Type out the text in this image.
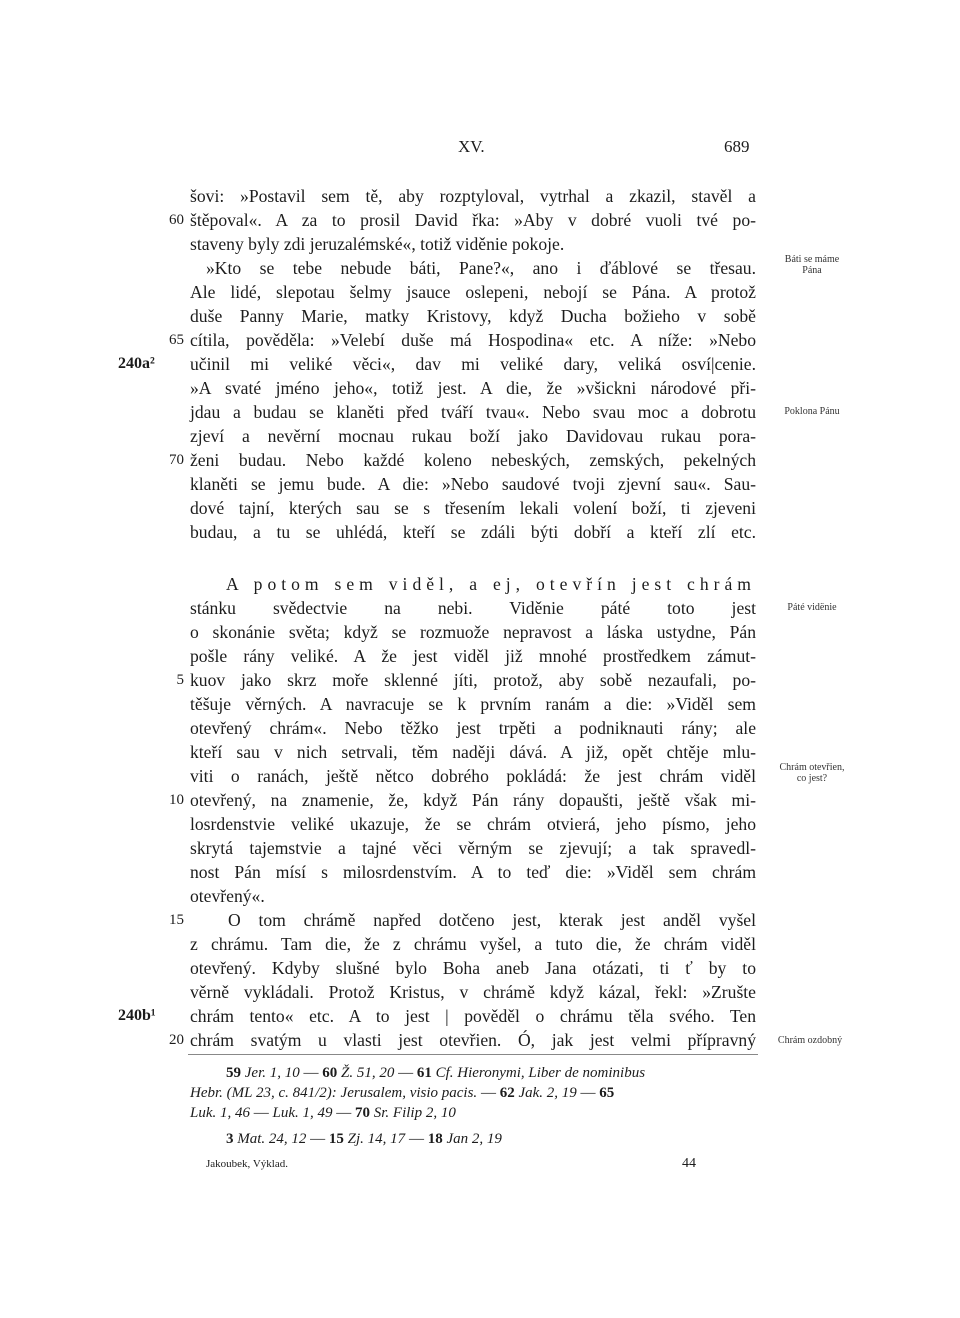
XV.	689
šovi: »Postavil sem tě, aby rozptyloval, vytrhal a zkazil, stavěl a
štěpoval«. A za to prosil David řka: »Aby v dobré vuoli tvé po-
staveny byly zdi jeruzalémské«, totiž viděnie pokoje.
»Kto se tebe nebude báti, Pane?«, ano i ďáblové se třesau.
Ale lidé, slepotau šelmy jsauce oslepeni, nebojí se Pána. A protož
duše Panny Marie, matky Kristovy, když Ducha božieho v sobě
cítila, pověděla: »Velebí duše má Hospodina« etc. A níže: »Nebo
učinil mi veliké věci«, dav mi veliké dary, veliká osví|cenie.
»A svaté jméno jeho«, totiž jest. A die, že »všickni národové při-
jdau a budau se klaněti před tváří tvau«. Nebo svau moc a dobrotu
zjeví a nevěrní mocnau rukau boží jako Davidovau rukau pora-
ženi budau. Nebo každé koleno nebeských, zemských, pekelných
klaněti se jemu bude. A die: »Nebo saudové tvoji zjevní sau«. Sau-
dové tajní, kterých sau se s třesením lekali volení boží, ti zjeveni
budau, a tu se uhlédá, kteří se zdáli býti dobří a kteří zlí etc.
60
65
70
240a²
A potom sem viděl, a ej, otevřín jest chrám
stánku svědectvie na nebi. Viděnie páté toto jest
o skonánie světa; když se rozmuože nepravost a láska ustydne, Pán
pošle rány veliké. A že jest viděl již mnohé prostředkem zámut-
kuov jako skrz moře sklenné jíti, protož, aby sobě nezaufali, po-
těšuje věrných. A navracuje se k prvním ranám a die: »Viděl sem
otevřený chrám«. Nebo těžko jest trpěti a podniknauti rány; ale
kteří sau v nich setrvali, těm naději dává. A již, opět chtěje mlu-
viti o ranách, ještě nětco dobrého pokládá: že jest chrám viděl
otevřený, na znamenie, že, když Pán rány dopaušti, ještě však mi-
losrdenstvie veliké ukazuje, že se chrám otvierá, jeho písmo, jeho
skrytá tajemstvie a tajné věci věrným se zjevují; a tak spravedl-
nost Pán mísí s milosrdenstvím. A to teď die: »Viděl sem chrám
otevřený«.
O tom chrámě napřed dotčeno jest, kterak jest anděl vyšel
z chrámu. Tam die, že z chrámu vyšel, a tuto die, že chrám viděl
otevřený. Kdyby slušné bylo Boha aneb Jana otázati, ti ť by to
věrně vykládali. Protož Kristus, v chrámě když kázal, řekl: »Zrušte
chrám tento« etc. A to jest | pověděl o chrámu těla svého. Ten
chrám svatým u vlasti jest otevřien. Ó, jak jest velmi přípravný
5
10
15
20
240b¹
Báti se máme
Pána
Poklona Pánu
Páté vidënie
Chrám otevřien,
co jest?
Chrám ozdobný
59 Jer. 1, 10 — 60 Ž. 51, 20 — 61 Cf. Hieronymi, Liber de nominibus
Hebr. (ML 23, c. 841/2): Jerusalem, visio pacis. — 62 Jak. 2, 19 — 65
Luk. 1, 46 — Luk. 1, 49 — 70 Sr. Filip 2, 10
3 Mat. 24, 12 — 15 Zj. 14, 17 — 18 Jan 2, 19
Jakoubek, Výklad.	44
